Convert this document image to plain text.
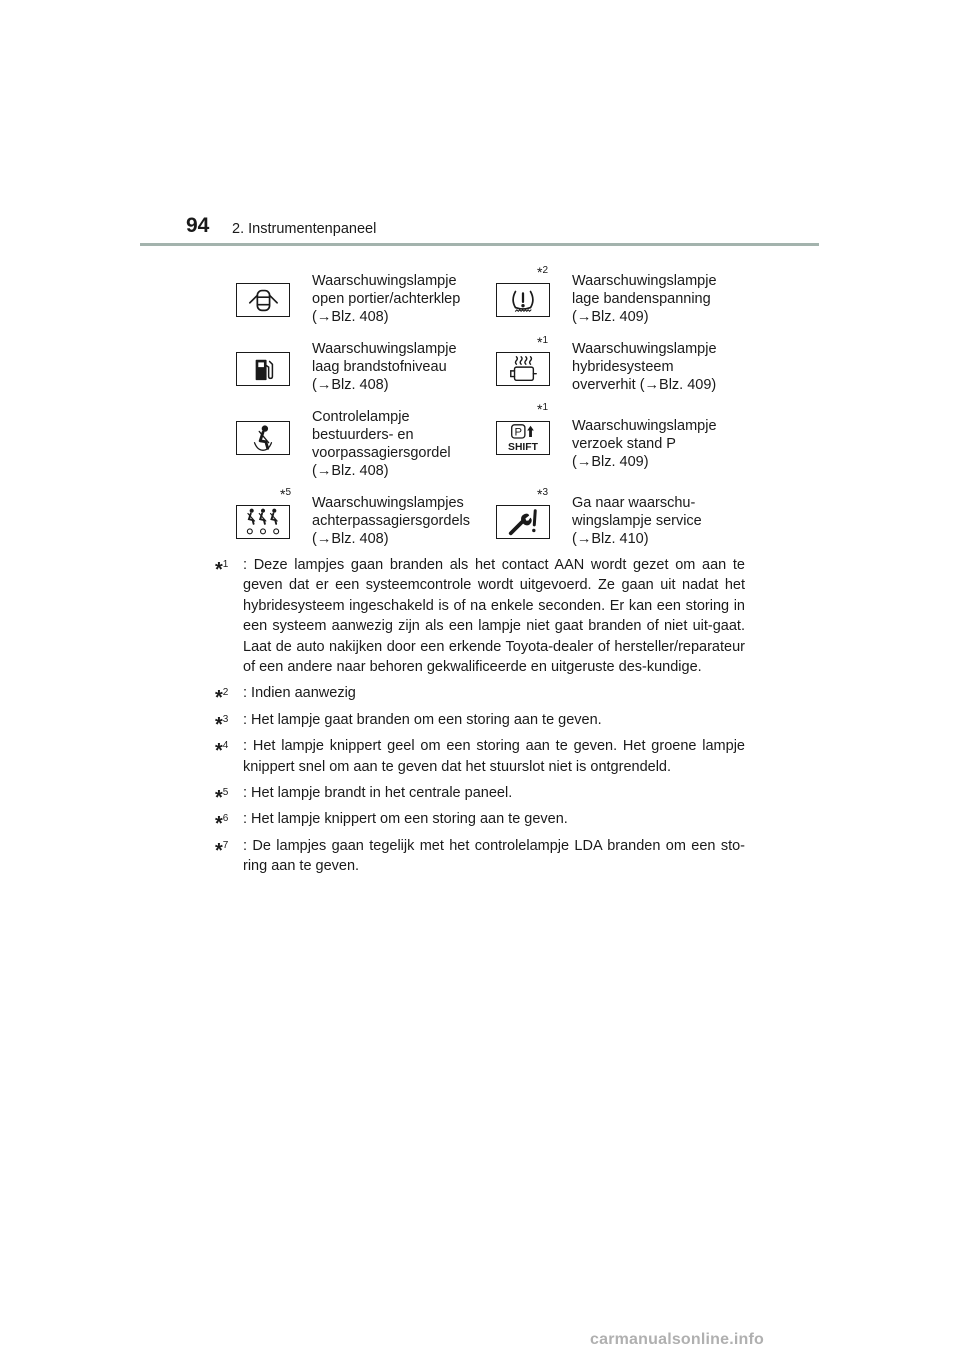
94 2. Instrumentenpaneel
Waarschuwingslampje
open portier/achterklep
(→Blz. 408)
*$^2$
Waarschuwingslampje
lage bandenspanning
(→Blz. 409)
Waarschuwingslampje
laag brandstofniveau
(→Blz. 408)
*$^1$
Waarschuwingslampje
hybridesysteem
oververhit (→Blz. 409)
Controlelampje
bestuurders- en
voorpassagiersgordel
(→Blz. 408)
*$^1$
P
SHIFT
Waarschuwingslampje
verzoek stand P
(→Blz. 409)
*$^5$
Waarschuwingslampjes
achterpassagiersgordels
(→Blz. 408)
*$^3$
Ga naar waarschu-
wingslampje service
(→Blz. 410)
*$^1$ : Deze lampjes gaan branden als het contact AAN wordt gezet om aan te geven dat er een systeemcontrole wordt uitgevoerd. Ze gaan uit nadat het hybridesysteem ingeschakeld is of na enkele seconden. Er kan een storing in een systeem aanwezig zijn als een lampje niet gaat branden of niet uit-gaat. Laat de auto nakijken door een erkende Toyota-dealer of hersteller/reparateur of een andere naar behoren gekwalificeerde en uitgeruste des-kundige.
*$^2$ : Indien aanwezig
*$^3$ : Het lampje gaat branden om een storing aan te geven.
*$^4$ : Het lampje knippert geel om een storing aan te geven. Het groene lampje knippert snel om aan te geven dat het stuurslot niet is ontgrendeld.
*$^5$ : Het lampje brandt in het centrale paneel.
*$^6$ : Het lampje knippert om een storing aan te geven.
*$^7$ : De lampjes gaan tegelijk met het controlelampje LDA branden om een sto-ring aan te geven.
carmanualsonline.info
